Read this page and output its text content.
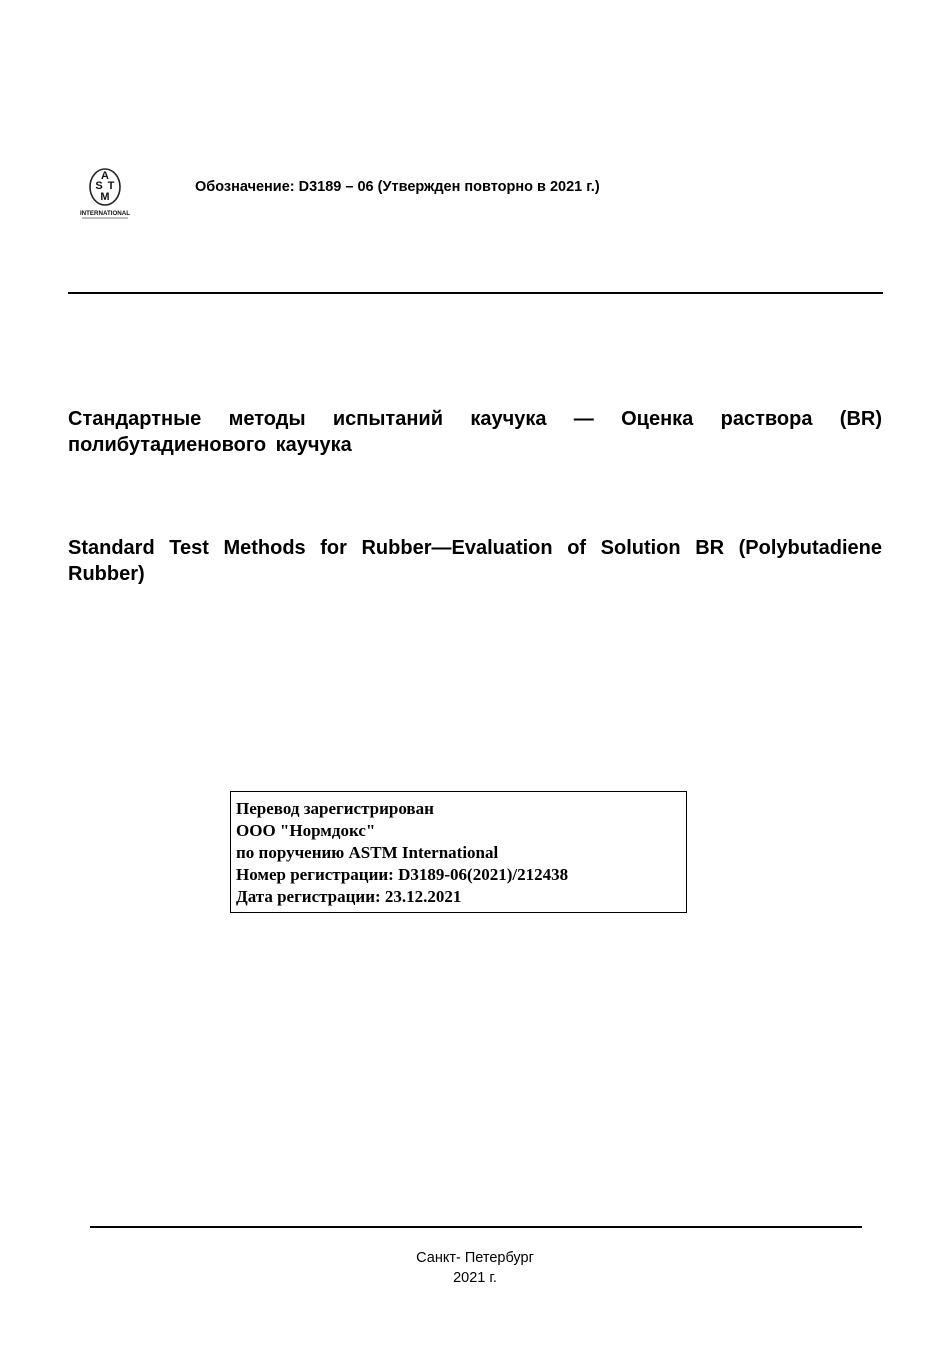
A
S T
M
INTERNATIONAL
Обозначение: D3189 – 06 (Утвержден повторно в 2021 г.)

Стандартные методы испытаний каучука — Оценка раствора (BR) полибутадиенового каучука

Standard Test Methods for Rubber—Evaluation of Solution BR (Polybutadiene Rubber)

Перевод зарегистрирован
ООО "Нормдокс"
по поручению ASTM International
Номер регистрации: D3189-06(2021)/212438
Дата регистрации: 23.12.2021
Санкт- Петербург
2021 г.
